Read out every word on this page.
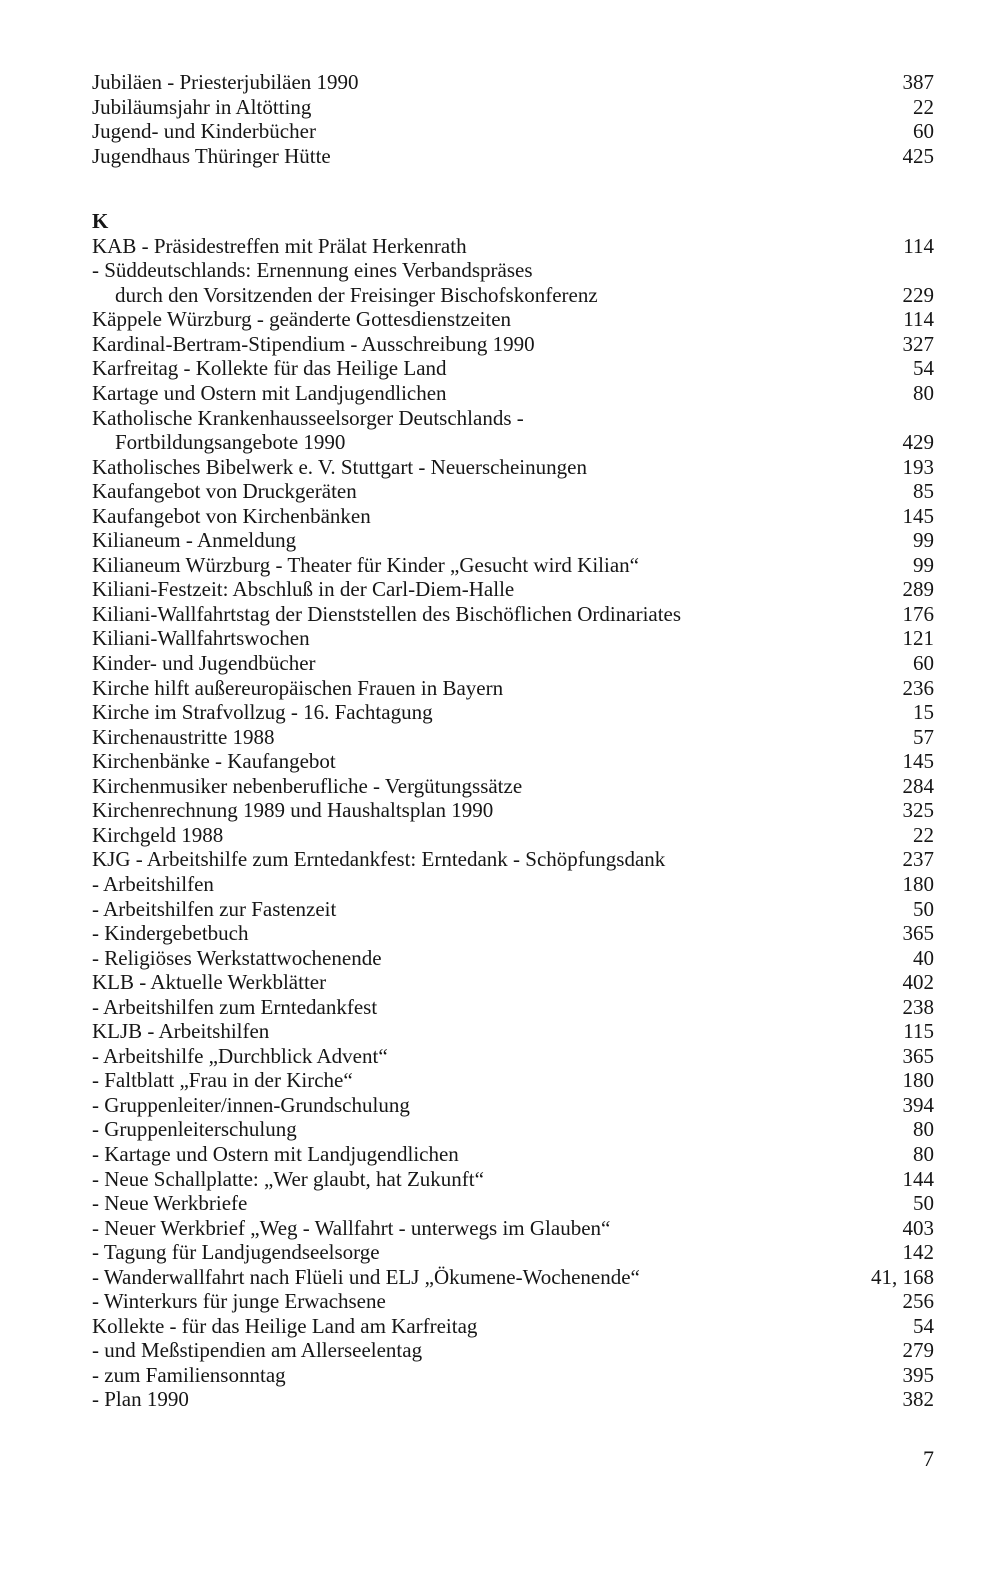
Jubiläen - Priesterjubiläen 1990	387
Jubiläumsjahr in Altötting	22
Jugend- und Kinderbücher	60
Jugendhaus Thüringer Hütte	425
K
KAB - Präsidestreffen mit Prälat Herkenrath	114
- Süddeutschlands: Ernennung eines Verbandspräses
durch den Vorsitzenden der Freisinger Bischofskonferenz	229
Käppele Würzburg - geänderte Gottesdienstzeiten	114
Kardinal-Bertram-Stipendium - Ausschreibung 1990	327
Karfreitag - Kollekte für das Heilige Land	54
Kartage und Ostern mit Landjugendlichen	80
Katholische Krankenhausseelsorger Deutschlands -
Fortbildungsangebote 1990	429
Katholisches Bibelwerk e. V. Stuttgart - Neuerscheinungen	193
Kaufangebot von Druckgeräten	85
Kaufangebot von Kirchenbänken	145
Kilianeum - Anmeldung	99
Kilianeum Würzburg - Theater für Kinder „Gesucht wird Kilian“	99
Kiliani-Festzeit: Abschluß in der Carl-Diem-Halle	289
Kiliani-Wallfahrtstag der Dienststellen des Bischöflichen Ordinariates	176
Kiliani-Wallfahrtswochen	121
Kinder- und Jugendbücher	60
Kirche hilft außereuropäischen Frauen in Bayern	236
Kirche im Strafvollzug - 16. Fachtagung	15
Kirchenaustritte 1988	57
Kirchenbänke - Kaufangebot	145
Kirchenmusiker nebenberufliche - Vergütungssätze	284
Kirchenrechnung 1989 und Haushaltsplan 1990	325
Kirchgeld 1988	22
KJG - Arbeitshilfe zum Erntedankfest: Erntedank - Schöpfungsdank	237
- Arbeitshilfen	180
- Arbeitshilfen zur Fastenzeit	50
- Kindergebetbuch	365
- Religiöses Werkstattwochenende	40
KLB - Aktuelle Werkblätter	402
- Arbeitshilfen zum Erntedankfest	238
KLJB - Arbeitshilfen	115
- Arbeitshilfe „Durchblick Advent“	365
- Faltblatt „Frau in der Kirche“	180
- Gruppenleiter/innen-Grundschulung	394
- Gruppenleiterschulung	80
- Kartage und Ostern mit Landjugendlichen	80
- Neue Schallplatte: „Wer glaubt, hat Zukunft“	144
- Neue Werkbriefe	50
- Neuer Werkbrief „Weg - Wallfahrt - unterwegs im Glauben“	403
- Tagung für Landjugendseelsorge	142
- Wanderwallfahrt nach Flüeli und ELJ „Ökumene-Wochenende“	41, 168
- Winterkurs für junge Erwachsene	256
Kollekte - für das Heilige Land am Karfreitag	54
- und Meßstipendien am Allerseelentag	279
- zum Familiensonntag	395
- Plan 1990	382
7
